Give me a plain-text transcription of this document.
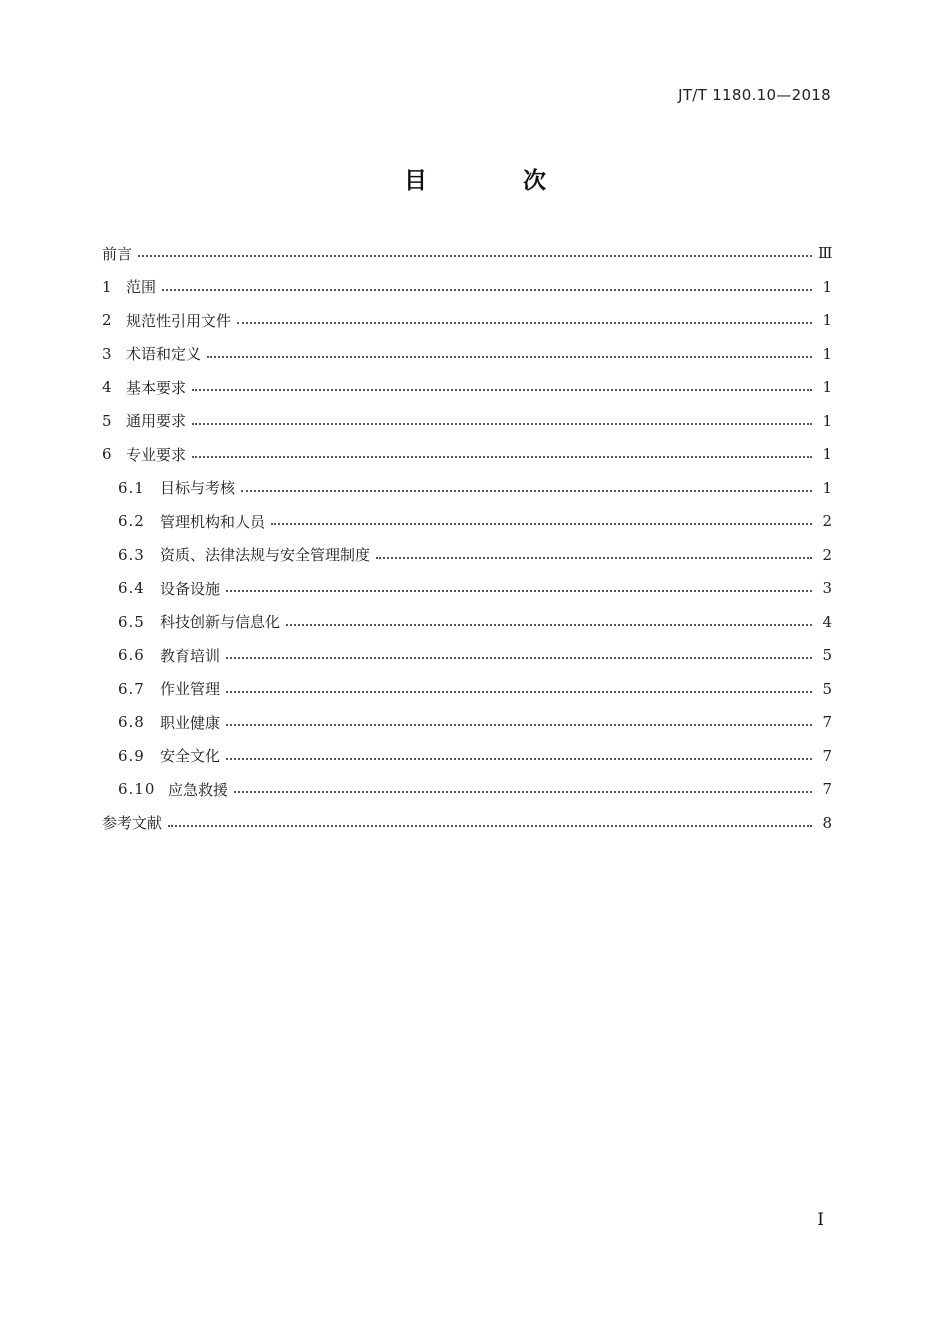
JT/T 1180.10—2018
目 次
前言	Ⅲ
1 范围	1
2 规范性引用文件	1
3 术语和定义	1
4 基本要求	1
5 通用要求	1
6 专业要求	1
6.1	目标与考核	1
6.2	管理机构和人员	2
6.3	资质、法律法规与安全管理制度	2
6.4	设备设施	3
6.5	科技创新与信息化	4
6.6	教育培训	5
6.7	作业管理	5
6.8	职业健康	7
6.9	安全文化	7
6.10 应急救援	7
参考文献	8
I
